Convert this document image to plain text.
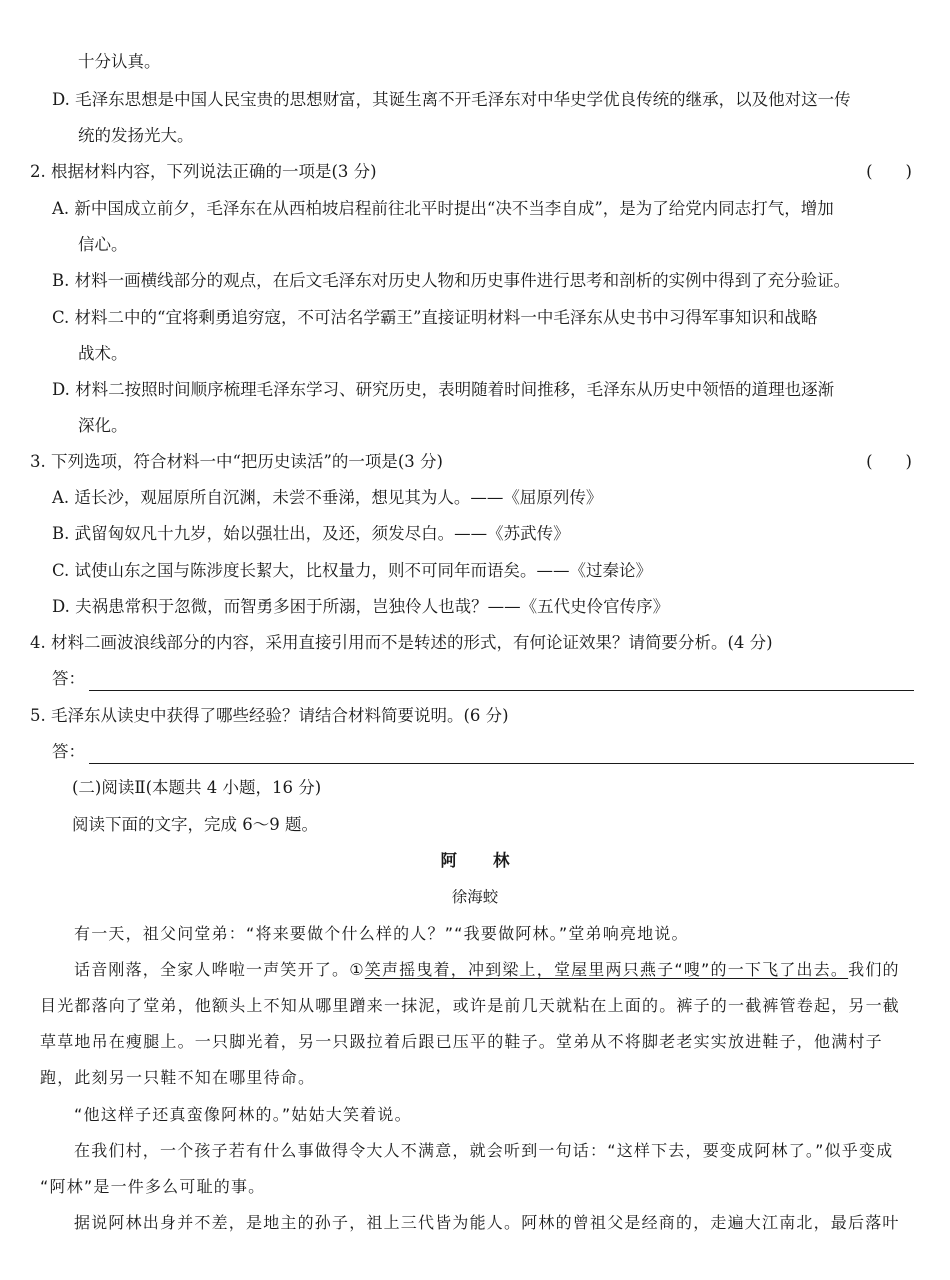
十分认真。
D. 毛泽东思想是中国人民宝贵的思想财富，其诞生离不开毛泽东对中华史学优良传统的继承，以及他对这一传
统的发扬光大。
2. 根据材料内容，下列说法正确的一项是(3 分)	(　　)
A. 新中国成立前夕，毛泽东在从西柏坡启程前往北平时提出“决不当李自成”，是为了给党内同志打气，增加
信心。
B. 材料一画横线部分的观点，在后文毛泽东对历史人物和历史事件进行思考和剖析的实例中得到了充分验证。
C. 材料二中的“宜将剩勇追穷寇，不可沽名学霸王”直接证明材料一中毛泽东从史书中习得军事知识和战略
战术。
D. 材料二按照时间顺序梳理毛泽东学习、研究历史，表明随着时间推移，毛泽东从历史中领悟的道理也逐渐
深化。
3. 下列选项，符合材料一中“把历史读活”的一项是(3 分)	(　　)
A. 适长沙，观屈原所自沉渊，未尝不垂涕，想见其为人。——《屈原列传》
B. 武留匈奴凡十九岁，始以强壮出，及还，须发尽白。——《苏武传》
C. 试使山东之国与陈涉度长絜大，比权量力，则不可同年而语矣。——《过秦论》
D. 夫祸患常积于忽微，而智勇多困于所溺，岂独伶人也哉？——《五代史伶官传序》
4. 材料二画波浪线部分的内容，采用直接引用而不是转述的形式，有何论证效果？请简要分析。(4 分)
答：
5. 毛泽东从读史中获得了哪些经验？请结合材料简要说明。(6 分)
答：
(二)阅读Ⅱ(本题共 4 小题，16 分)
阅读下面的文字，完成 6～9 题。
阿林
徐海蛟
有一天，祖父问堂弟：“将来要做个什么样的人？”“我要做阿林。”堂弟响亮地说。
话音刚落，全家人哗啦一声笑开了。①笑声摇曳着，冲到梁上，堂屋里两只燕子“嗖”的一下飞了出去。我们的
目光都落向了堂弟，他额头上不知从哪里蹭来一抹泥，或许是前几天就粘在上面的。裤子的一截裤管卷起，另一截
草草地吊在瘦腿上。一只脚光着，另一只趿拉着后跟已压平的鞋子。堂弟从不将脚老老实实放进鞋子，他满村子
跑，此刻另一只鞋不知在哪里待命。
“他这样子还真蛮像阿林的。”姑姑大笑着说。
在我们村，一个孩子若有什么事做得令大人不满意，就会听到一句话：“这样下去，要变成阿林了。”似乎变成
“阿林”是一件多么可耻的事。
据说阿林出身并不差，是地主的孙子，祖上三代皆为能人。阿林的曾祖父是经商的，走遍大江南北，最后落叶
